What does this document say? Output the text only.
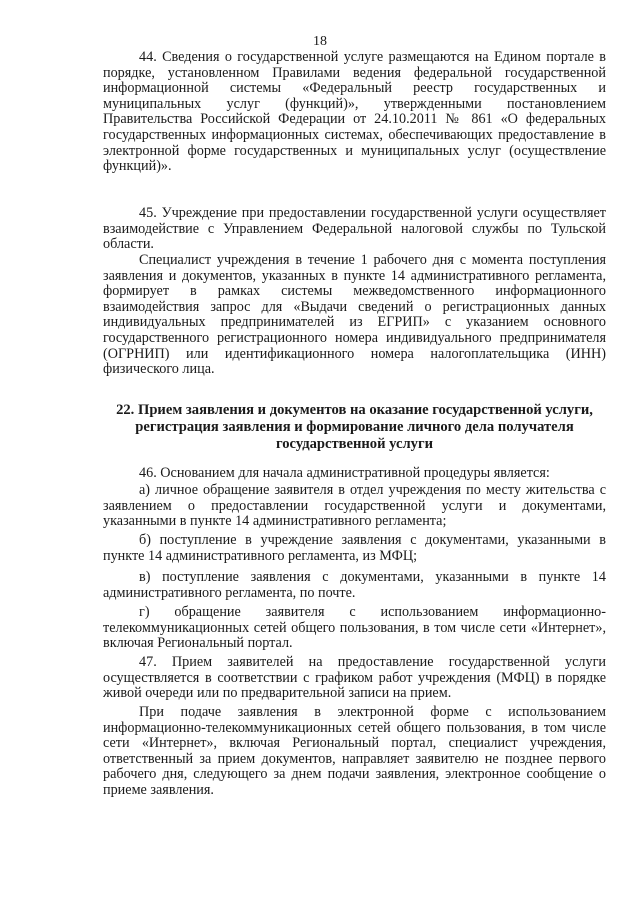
18
44. Сведения о государственной услуге размещаются на Едином портале в порядке, установленном Правилами ведения федеральной государственной информационной системы «Федеральный реестр государственных и муниципальных услуг (функций)», утвержденными постановлением Правительства Российской Федерации от 24.10.2011 № 861 «О федеральных государственных информационных системах, обеспечивающих предоставление в электронной форме государственных и муниципальных услуг (осуществление функций)».
45. Учреждение при предоставлении государственной услуги осуществляет взаимодействие с Управлением Федеральной налоговой службы по Тульской области.
Специалист учреждения в течение 1 рабочего дня с момента поступления заявления и документов, указанных в пункте 14 административного регламента, формирует в рамках системы межведомственного информационного взаимодействия запрос для «Выдачи сведений о регистрационных данных индивидуальных предпринимателей из ЕГРИП» с указанием основного государственного регистрационного номера индивидуального предпринимателя (ОГРНИП) или идентификационного номера налогоплательщика (ИНН) физического лица.
22. Прием заявления и документов на оказание государственной услуги, регистрация заявления и формирование личного дела получателя государственной услуги
46. Основанием для начала административной процедуры является:
а) личное обращение заявителя в отдел учреждения по месту жительства с заявлением о предоставлении государственной услуги и документами, указанными в пункте 14 административного регламента;
б) поступление в учреждение заявления с документами, указанными в пункте 14 административного регламента, из МФЦ;
в) поступление заявления с документами, указанными в пункте 14 административного регламента, по почте.
г) обращение заявителя с использованием информационно-телекоммуникационных сетей общего пользования, в том числе сети «Интернет», включая Региональный портал.
47. Прием заявителей на предоставление государственной услуги осуществляется в соответствии с графиком работ учреждения (МФЦ) в порядке живой очереди или по предварительной записи на прием.
При подаче заявления в электронной форме с использованием информационно-телекоммуникационных сетей общего пользования, в том числе сети «Интернет», включая Региональный портал, специалист учреждения, ответственный за прием документов, направляет заявителю не позднее первого рабочего дня, следующего за днем подачи заявления, электронное сообщение о приеме заявления.
